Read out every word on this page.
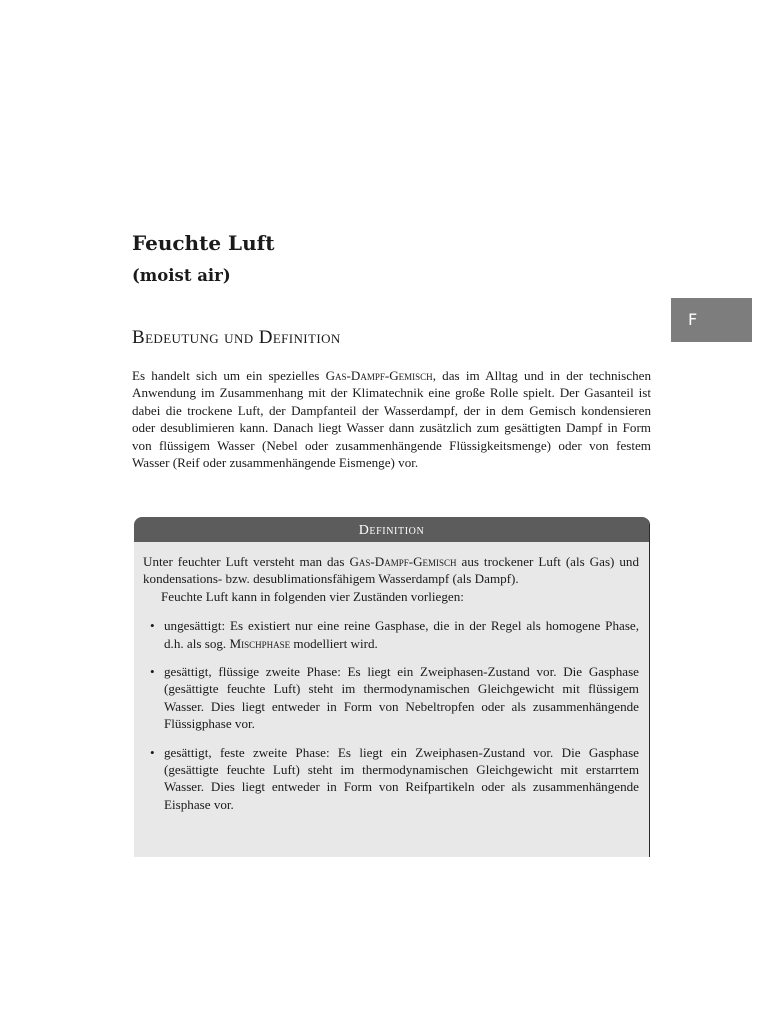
Feuchte Luft
(moist air)
F
Bedeutung und Definition

Es handelt sich um ein spezielles Gas-Dampf-Gemisch, das im Alltag und in der technischen Anwendung im Zusammenhang mit der Klimatechnik eine große Rolle spielt. Der Gasanteil ist dabei die trockene Luft, der Dampfanteil der Wasserdampf, der in dem Gemisch kondensieren oder desublimieren kann. Danach liegt Wasser dann zusätzlich zum gesättigten Dampf in Form von flüssigem Wasser (Nebel oder zusammenhängende Flüssigkeitsmenge) oder von festem Wasser (Reif oder zusammenhängende Eismenge) vor.

Definition

Unter feuchter Luft versteht man das Gas-Dampf-Gemisch aus trockener Luft (als Gas) und kondensations- bzw. desublimationsfähigem Wasserdampf (als Dampf).

Feuchte Luft kann in folgenden vier Zuständen vorliegen:

• ungesättigt: Es existiert nur eine reine Gasphase, die in der Regel als homogene Phase, d.h. als sog. Mischphase modelliert wird.
• gesättigt, flüssige zweite Phase: Es liegt ein Zweiphasen-Zustand vor. Die Gasphase (gesättigte feuchte Luft) steht im thermodynamischen Gleichgewicht mit flüssigem Wasser. Dies liegt entweder in Form von Nebeltropfen oder als zusammenhängende Flüssigphase vor.
• gesättigt, feste zweite Phase: Es liegt ein Zweiphasen-Zustand vor. Die Gasphase (gesättigte feuchte Luft) steht im thermodynamischen Gleichgewicht mit erstarrtem Wasser. Dies liegt entweder in Form von Reifpartikeln oder als zusammenhängende Eisphase vor.
